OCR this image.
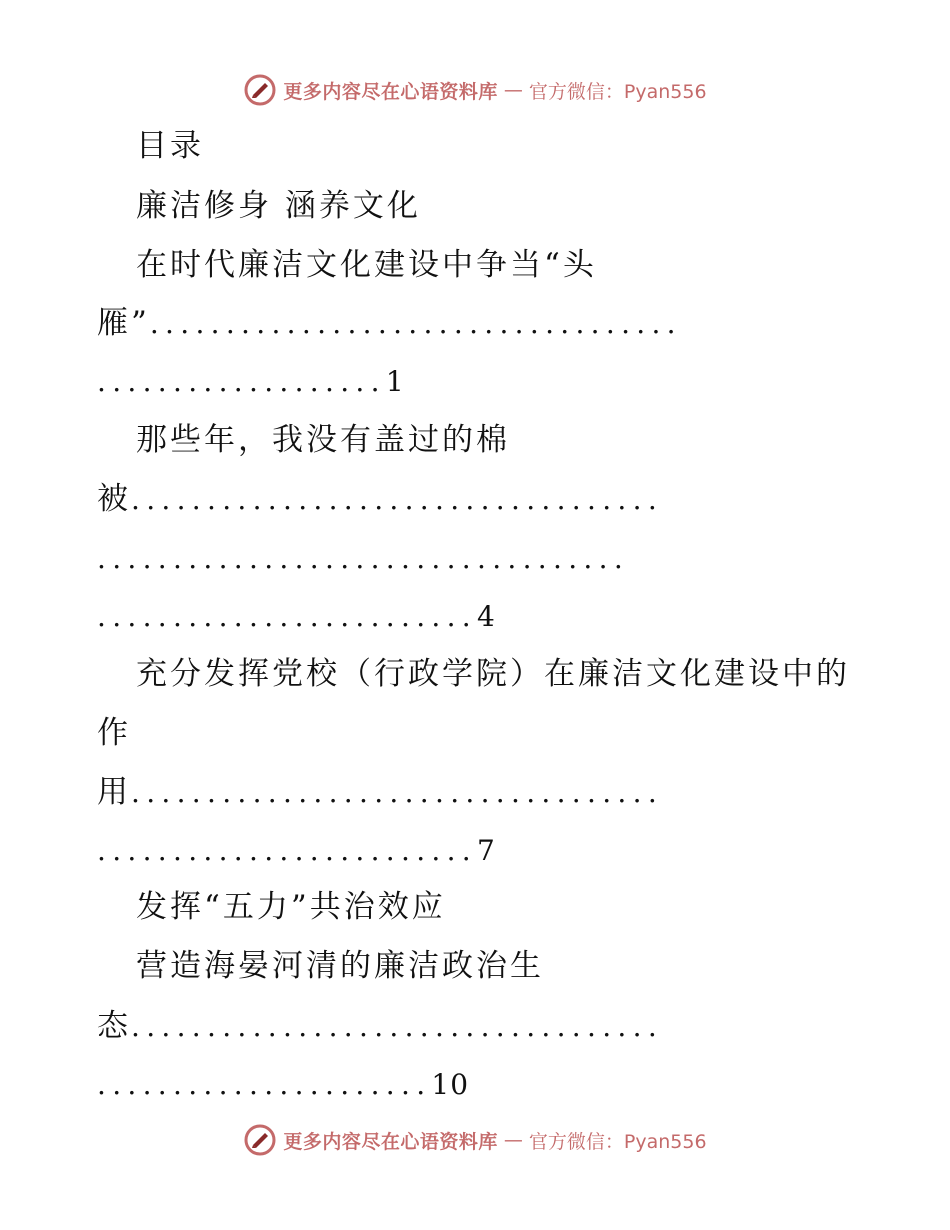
更多内容尽在心语资料库 — 官方微信：Pyan556
目录
廉洁修身 涵养文化
在时代廉洁文化建设中争当“头
雁”...................................
...................1
那些年，我没有盖过的棉
被...................................
...................................
.........................4
充分发挥党校（行政学院）在廉洁文化建设中的
作
用...................................
.........................7
发挥“五力”共治效应
营造海晏河清的廉洁政治生
态...................................
......................10
更多内容尽在心语资料库 — 官方微信：Pyan556
